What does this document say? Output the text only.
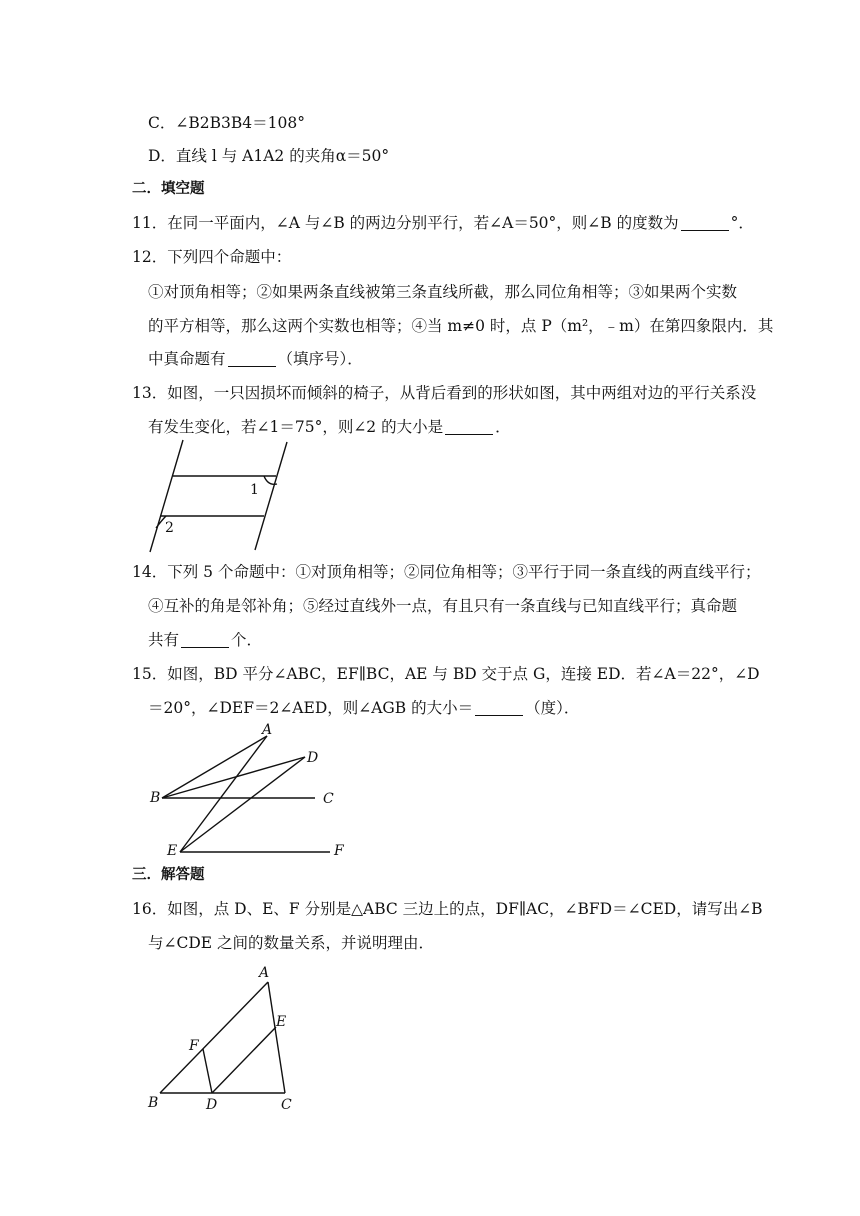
C．∠B2B3B4＝108°
D．直线 l 与 A1A2 的夹角α＝50°
二．填空题
11．在同一平面内，∠A 与∠B 的两边分别平行，若∠A＝50°，则∠B 的度数为	°．
12．下列四个命题中：
①对顶角相等；②如果两条直线被第三条直线所截，那么同位角相等；③如果两个实数
的平方相等，那么这两个实数也相等；④当 m≠0 时，点 P（m²，﹣m）在第四象限内．其
中真命题有	（填序号）．
13．如图，一只因损坏而倾斜的椅子，从背后看到的形状如图，其中两组对边的平行关系没
有发生变化，若∠1＝75°，则∠2 的大小是	．
1
2
14．下列 5 个命题中：①对顶角相等；②同位角相等；③平行于同一条直线的两直线平行；
④互补的角是邻补角；⑤经过直线外一点，有且只有一条直线与已知直线平行；真命题
共有	个．
15．如图，BD 平分∠ABC，EF∥BC，AE 与 BD 交于点 G，连接 ED．若∠A＝22°，∠D
＝20°，∠DEF＝2∠AED，则∠AGB 的大小＝	（度）．
A
D
B	C
E	F
三．解答题
16．如图，点 D、E、F 分别是△ABC 三边上的点，DF∥AC，∠BFD＝∠CED，请写出∠B
与∠CDE 之间的数量关系，并说明理由．
A
E
F
B	D	C
